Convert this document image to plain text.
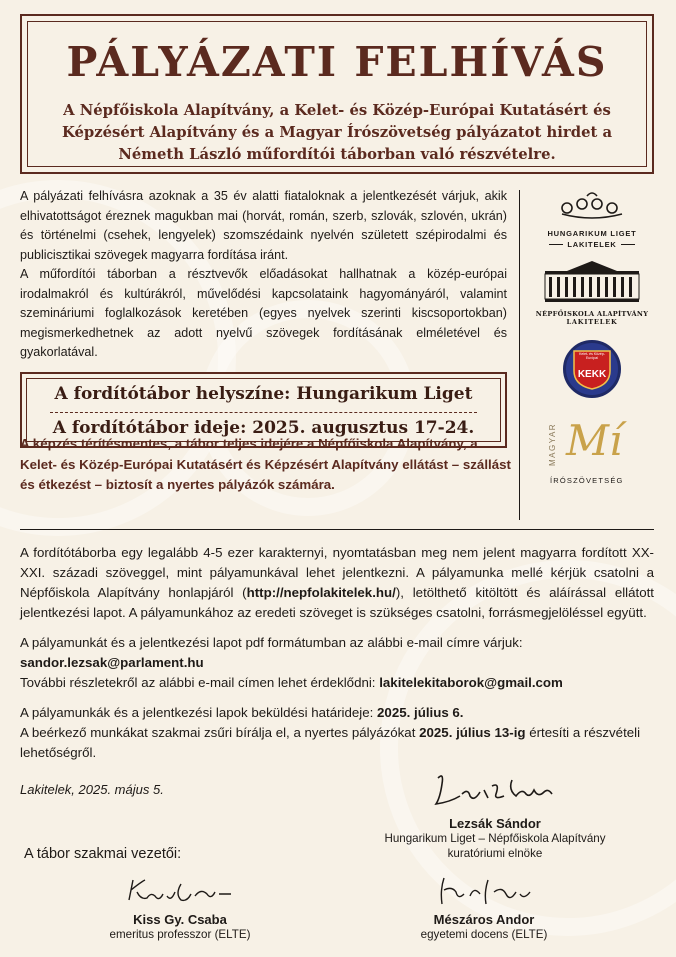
PÁLYÁZATI FELHÍVÁS
A Népfőiskola Alapítvány, a Kelet- és Közép-Európai Kutatásért és Képzésért Alapítvány és a Magyar Írószövetség pályázatot hirdet a Németh László műfordítói táborban való részvételre.

A pályázati felhívásra azoknak a 35 év alatti fiataloknak a jelentkezését várjuk, akik elhivatottságot éreznek magukban mai (horvát, román, szerb, szlovák, szlovén, ukrán) és történelmi (csehek, lengyelek) szomszédaink nyelvén született szépirodalmi és publicisztikai szövegek magyarra fordítása iránt.

A műfordítói táborban a résztvevők előadásokat hallhatnak a közép-európai irodalmakról és kultúrákról, művelődési kapcsolataink hagyományáról, valamint szemináriumi foglalkozások keretében (egyes nyelvek szerinti kiscsoportokban) megismerkedhetnek az adott nyelvű szövegek fordításának elméletével és gyakorlatával.

HUNGARIKUM LIGET
LAKITELEK
NÉPFŐISKOLA ALAPÍTVÁNY
LAKITELEK
Kelet- és Közép-Európai
KEKK
MAGYAR Mí
ÍRÓSZÖVETSÉG
A fordítótábor helyszíne: Hungarikum Liget
A fordítótábor ideje: 2025. augusztus 17-24.
A képzés térítésmentes, a tábor teljes idejére a Népfőiskola Alapítvány, a Kelet- és Közép-Európai Kutatásért és Képzésért Alapítvány ellátást – szállást és étkezést – biztosít a nyertes pályázók számára.

A fordítótáborba egy legalább 4-5 ezer karakternyi, nyomtatásban meg nem jelent magyarra fordított XX-XXI. századi szöveggel, mint pályamunkával lehet jelentkezni. A pályamunka mellé kérjük csatolni a Népfőiskola Alapítvány honlapjáról (http://nepfolakitelek.hu/), letölthető kitöltött és aláírással ellátott jelentkezési lapot. A pályamunkához az eredeti szöveget is szükséges csatolni, forrásmegjelöléssel együtt.

A pályamunkát és a jelentkezési lapot pdf formátumban az alábbi e-mail címre várjuk:
sandor.lezsak@parlament.hu
További részletekről az alábbi e-mail címen lehet érdeklődni: lakitelekitaborok@gmail.com

A pályamunkák és a jelentkezési lapok beküldési határideje: 2025. július 6.
A beérkező munkákat szakmai zsűri bírálja el, a nyertes pályázókat 2025. július 13-ig értesíti a részvételi lehetőségről.

Lakitelek, 2025. május 5.
Lezsák Sándor
Hungarikum Liget – Népfőiskola Alapítvány
kuratóriumi elnöke
A tábor szakmai vezetői:
Kiss Gy. Csaba
emeritus professzor (ELTE)
Mészáros Andor
egyetemi docens (ELTE)
